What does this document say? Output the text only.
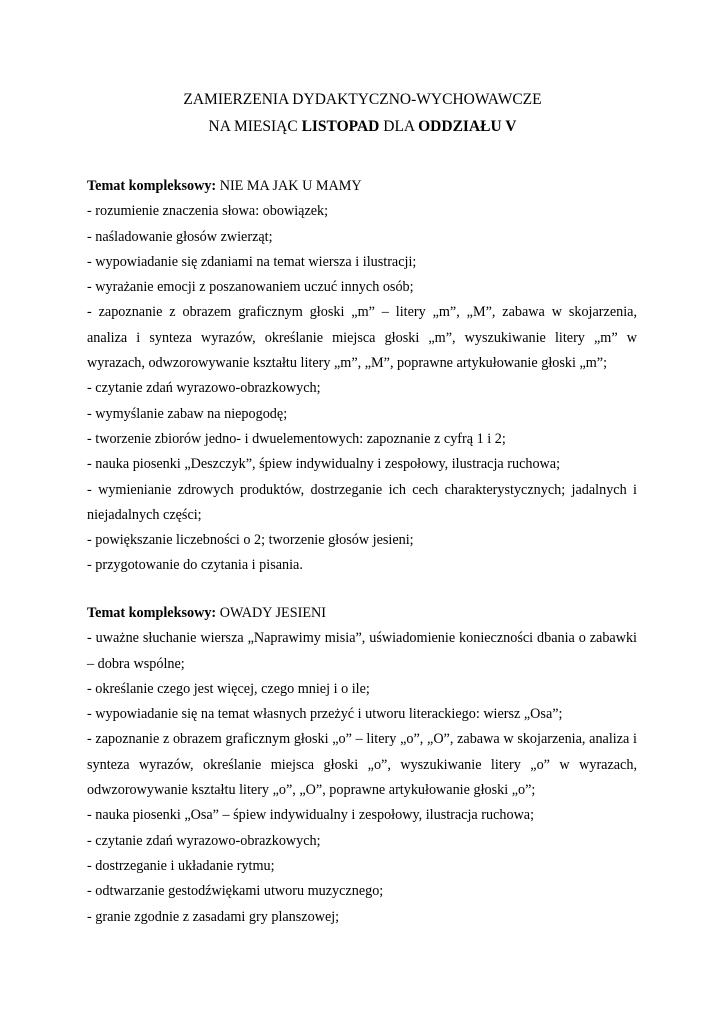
ZAMIERZENIA DYDAKTYCZNO-WYCHOWAWCZE
NA MIESIĄC LISTOPAD DLA ODDZIAŁU V
Temat kompleksowy: NIE MA JAK U MAMY
- rozumienie znaczenia słowa: obowiązek;
- naśladowanie głosów zwierząt;
- wypowiadanie się zdaniami na temat wiersza i ilustracji;
- wyrażanie emocji z poszanowaniem uczuć innych osób;
- zapoznanie z obrazem graficznym głoski „m” – litery „m”, „M”, zabawa w skojarzenia, analiza i synteza wyrazów, określanie miejsca głoski „m”, wyszukiwanie litery „m” w wyrazach, odwzorowywanie kształtu litery „m”, „M”, poprawne artykułowanie głoski „m”;
- czytanie zdań wyrazowo-obrazkowych;
- wymyślanie zabaw na niepogodę;
- tworzenie zbiorów jedno- i dwuelementowych: zapoznanie z cyfrą 1 i 2;
- nauka piosenki „Deszczyk”, śpiew indywidualny i zespołowy, ilustracja ruchowa;
- wymienianie zdrowych produktów, dostrzeganie ich cech charakterystycznych; jadalnych i niejadalnych części;
- powiększanie liczebności o 2; tworzenie głosów jesieni;
- przygotowanie do czytania i pisania.
Temat kompleksowy: OWADY JESIENI
- uważne słuchanie wiersza „Naprawimy misia”, uświadomienie konieczności dbania o zabawki – dobra wspólne;
- określanie czego jest więcej, czego mniej i o ile;
- wypowiadanie się na temat własnych przeżyć i utworu literackiego: wiersz „Osa”;
- zapoznanie z obrazem graficznym głoski „o” – litery „o”, „O”, zabawa w skojarzenia, analiza i synteza wyrazów, określanie miejsca głoski „o”, wyszukiwanie litery „o” w wyrazach, odwzorowywanie kształtu litery „o”, „O”, poprawne artykułowanie głoski „o”;
- nauka piosenki „Osa” – śpiew indywidualny i zespołowy, ilustracja ruchowa;
- czytanie zdań wyrazowo-obrazkowych;
- dostrzeganie i układanie rytmu;
- odtwarzanie gestodźwiękami utworu muzycznego;
- granie zgodnie z zasadami gry planszowej;
